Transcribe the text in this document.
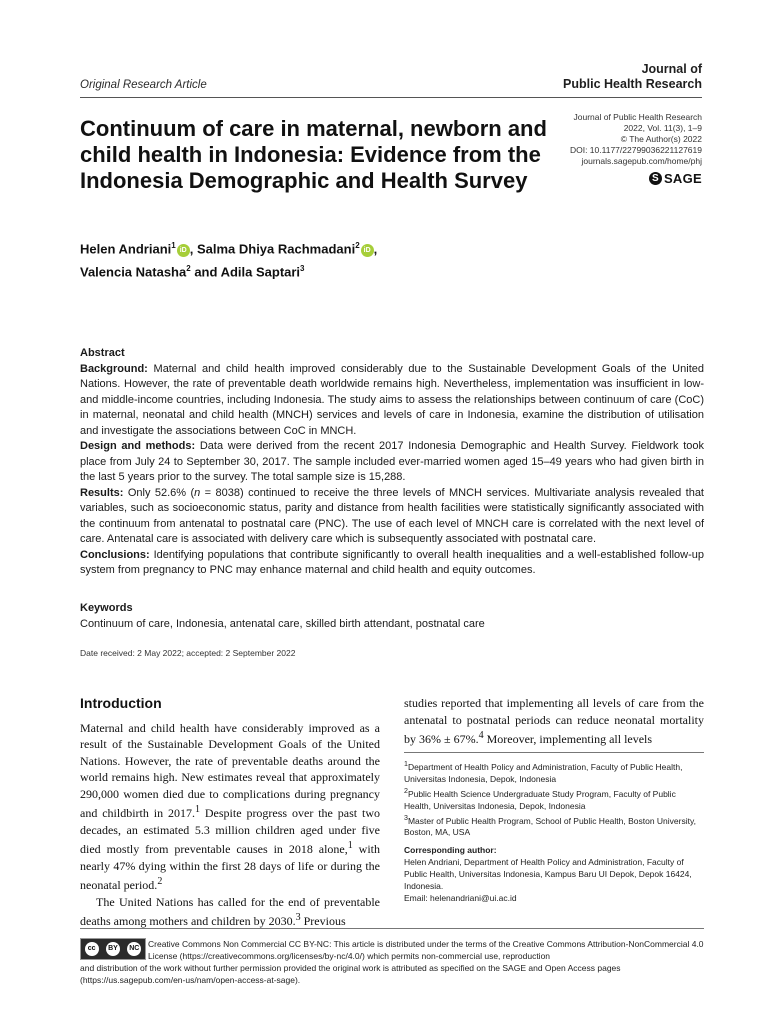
Original Research Article
Journal of
Public Health Research
Continuum of care in maternal, newborn and child health in Indonesia: Evidence from the Indonesia Demographic and Health Survey
Journal of Public Health Research
2022, Vol. 11(3), 1–9
© The Author(s) 2022
DOI: 10.1177/22799036221127619
journals.sagepub.com/home/phj
S SAGE
Helen Andriani$^1$iD , Salma Dhiya Rachmadani$^2$iD ,
Valencia Natasha$^2$ and Adila Saptari$^3$

Abstract

Background: Maternal and child health improved considerably due to the Sustainable Development Goals of the United Nations. However, the rate of preventable death worldwide remains high. Nevertheless, implementation was insufficient in low- and middle-income countries, including Indonesia. The study aims to assess the relationships between continuum of care (CoC) in maternal, neonatal and child health (MNCH) services and levels of care in Indonesia, examine the distribution of utilisation and investigate the associations between CoC in MNCH.

Design and methods: Data were derived from the recent 2017 Indonesia Demographic and Health Survey. Fieldwork took place from July 24 to September 30, 2017. The sample included ever-married women aged 15–49 years who had given birth in the last 5 years prior to the survey. The total sample size is 15,288.

Results: Only 52.6% (n = 8038) continued to receive the three levels of MNCH services. Multivariate analysis revealed that variables, such as socioeconomic status, parity and distance from health facilities were statistically significantly associated with the continuum from antenatal to postnatal care (PNC). The use of each level of MNCH care is correlated with the next level of care. Antenatal care is associated with delivery care which is subsequently associated with postnatal care.

Conclusions: Identifying populations that contribute significantly to overall health inequalities and a well-established follow-up system from pregnancy to PNC may enhance maternal and child health and equity outcomes.

Keywords
Continuum of care, Indonesia, antenatal care, skilled birth attendant, postnatal care
Date received: 2 May 2022; accepted: 2 September 2022
Introduction

Maternal and child health have considerably improved as a result of the Sustainable Development Goals of the United Nations. However, the rate of preventable deaths around the world remains high. New estimates reveal that approximately 290,000 women died due to complications during pregnancy and childbirth in 2017.$^1$ Despite progress over the past two decades, an estimated 5.3 million children aged under five died mostly from preventable causes in 2018 alone,$^1$ with nearly 47% dying within the first 28 days of life or during the neonatal period.$^2$

The United Nations has called for the end of preventable deaths among mothers and children by 2030.$^3$ Previous

studies reported that implementing all levels of care from the antenatal to postnatal periods can reduce neonatal mortality by 36% ± 67%.$^4$ Moreover, implementing all levels

$^1$Department of Health Policy and Administration, Faculty of Public Health, Universitas Indonesia, Depok, Indonesia

$^2$Public Health Science Undergraduate Study Program, Faculty of Public Health, Universitas Indonesia, Depok, Indonesia

$^3$Master of Public Health Program, School of Public Health, Boston University, Boston, MA, USA

Corresponding author:

Helen Andriani, Department of Health Policy and Administration, Faculty of Public Health, Universitas Indonesia, Kampus Baru UI Depok, Depok 16424, Indonesia.

Email: helenandriani@ui.ac.id

Creative Commons Non Commercial CC BY-NC: This article is distributed under the terms of the Creative Commons Attribution-NonCommercial 4.0 License (https://creativecommons.org/licenses/by-nc/4.0/) which permits non-commercial use, reproduction
and distribution of the work without further permission provided the original work is attributed as specified on the SAGE and Open Access pages (https://us.sagepub.com/en-us/nam/open-access-at-sage).
cc	BY	NC
